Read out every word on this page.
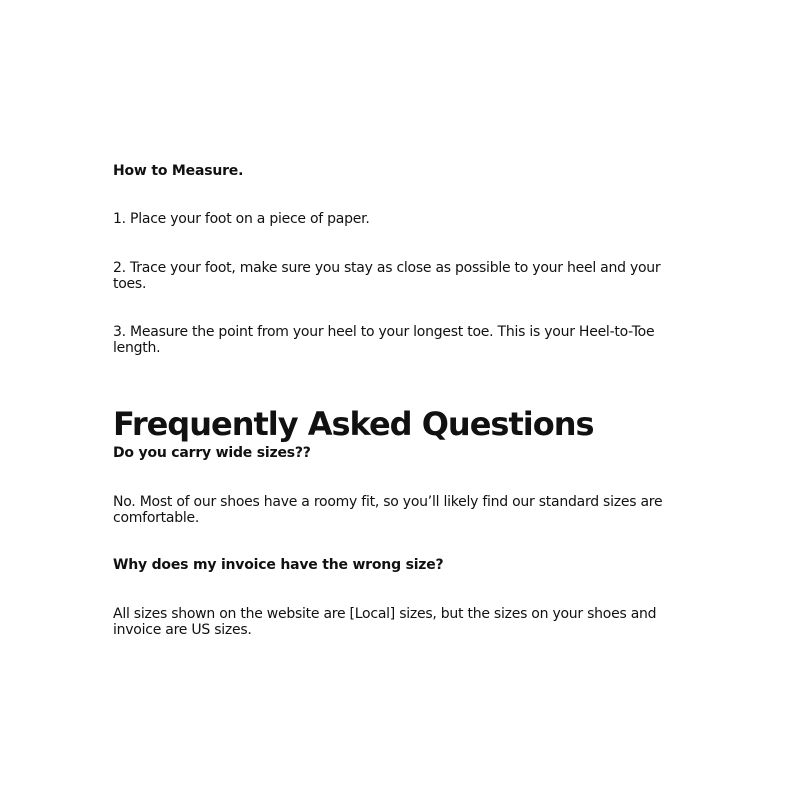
How to Measure.
1. Place your foot on a piece of paper.
2. Trace your foot, make sure you stay as close as possible to your heel and your toes.
3. Measure the point from your heel to your longest toe. This is your Heel-to-Toe length.
Frequently Asked Questions
Do you carry wide sizes??
No. Most of our shoes have a roomy fit, so you’ll likely find our standard sizes are comfortable.
Why does my invoice have the wrong size?
All sizes shown on the website are [Local] sizes, but the sizes on your shoes and invoice are US sizes.
